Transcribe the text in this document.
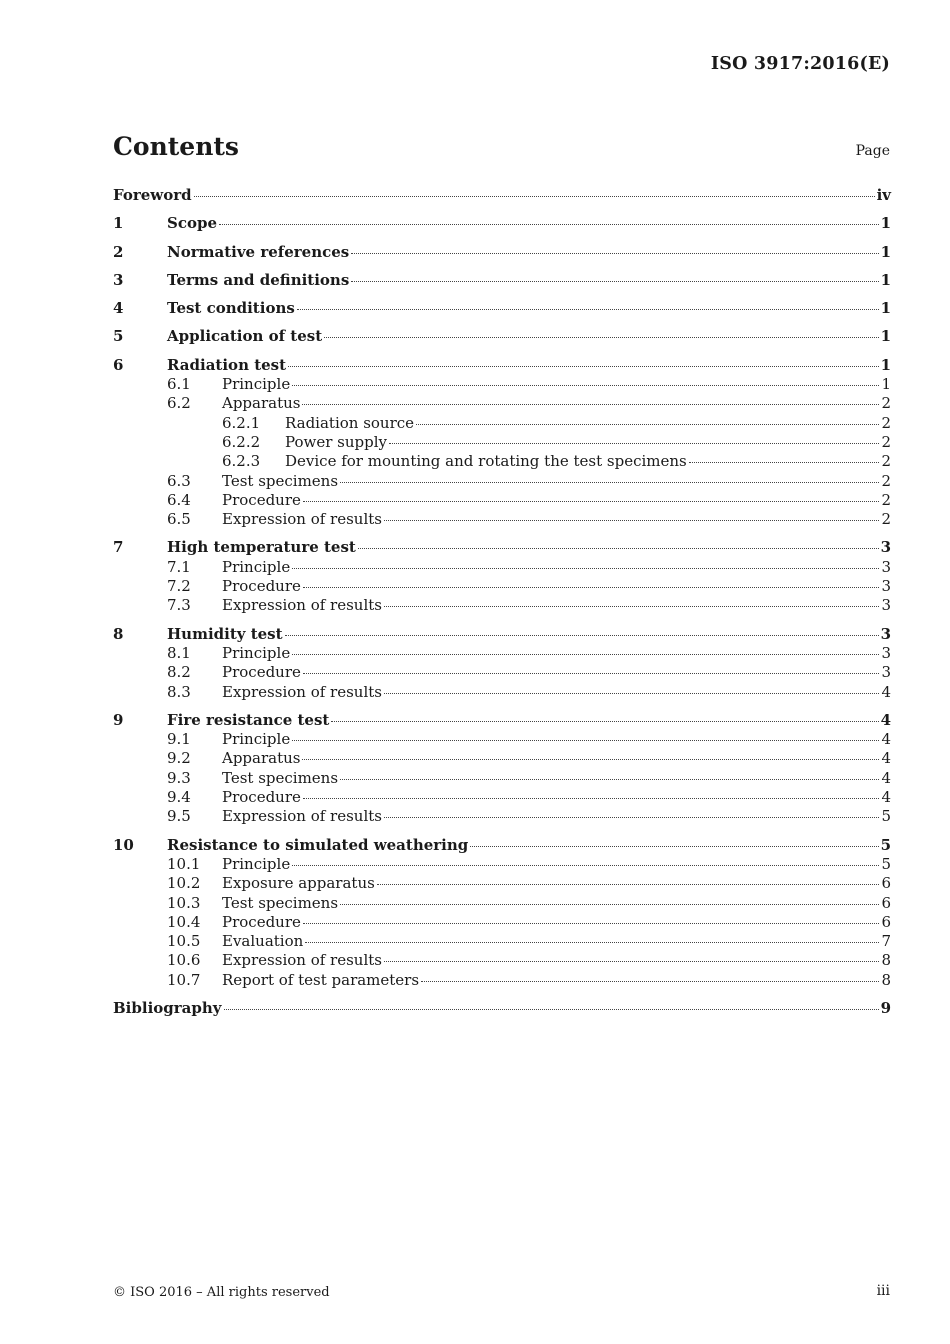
ISO 3917:2016(E)
Contents	Page
Foreword	iv
1	Scope	1
2	Normative references	1
3	Terms and definitions	1
4	Test conditions	1
5	Application of test	1
6	Radiation test	1
6.1	Principle	1
6.2	Apparatus	2
6.2.1	Radiation source	2
6.2.2	Power supply	2
6.2.3	Device for mounting and rotating the test specimens	2
6.3	Test specimens	2
6.4	Procedure	2
6.5	Expression of results	2
7	High temperature test	3
7.1	Principle	3
7.2	Procedure	3
7.3	Expression of results	3
8	Humidity test	3
8.1	Principle	3
8.2	Procedure	3
8.3	Expression of results	4
9	Fire resistance test	4
9.1	Principle	4
9.2	Apparatus	4
9.3	Test specimens	4
9.4	Procedure	4
9.5	Expression of results	5
10	Resistance to simulated weathering	5
10.1	Principle	5
10.2	Exposure apparatus	6
10.3	Test specimens	6
10.4	Procedure	6
10.5	Evaluation	7
10.6	Expression of results	8
10.7	Report of test parameters	8
Bibliography	9
© ISO 2016 – All rights reserved	iii
